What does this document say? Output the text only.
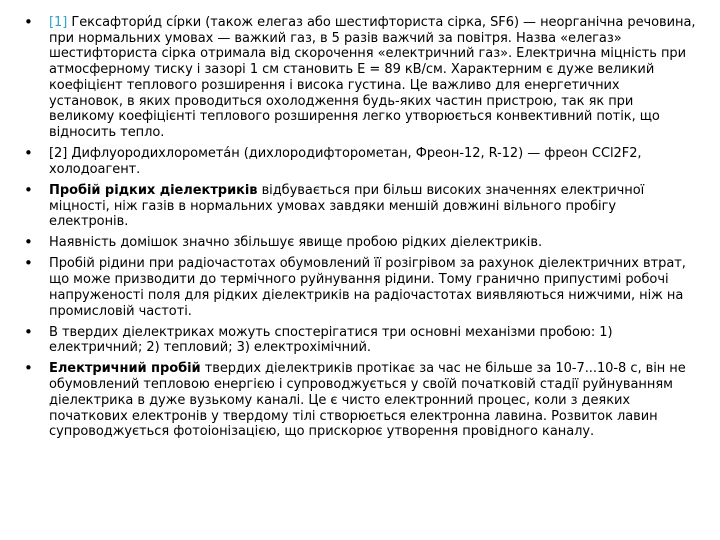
• [1] Гексафтори́д сі́рки (також елегаз або шестифториста сірка, SF6) — неорганічна речовина, при нормальних умовах — важкий газ, в 5 разів важчий за повітря. Назва «елегаз» шестифториста сірка отримала від скорочення «електричний газ». Електрична міцність при атмосферному тиску і зазорі 1 см становить Е = 89 кВ/см. Характерним є дуже великий коефіцієнт теплового розширення і висока густина. Це важливо для енергетичних установок, в яких проводиться охолодження будь-яких частин пристрою, так як при великому коефіцієнті теплового розширення легко утворюється конвективний потік, що відносить тепло.
• [2] Дифлуородихлорометáн (дихлородифторометан, Фреон-12, R-12) — фреон CCl2F2, холодоагент.
• Пробій рідких діелектриків відбувається при більш високих значеннях електричної міцності, ніж газів в нормальних умовах завдяки меншій довжині вільного пробігу електронів.
• Наявність домішок значно збільшує явище пробою рідких діелектриків.
• Пробій рідини при радіочастотах обумовлений її розігрівом за рахунок діелектричних втрат, що може призводити до термічного руйнування рідини. Тому гранично припустимі робочі напруженості поля для рідких діелектриків на радіочастотах виявляються нижчими, ніж на промисловій частоті.
• В твердих діелектриках можуть спостерігатися три основні механізми пробою: 1) електричний; 2) тепловий; 3) електрохімічний.
• Електричний пробій твердих діелектриків протікає за час не більше за 10-7...10-8 с, він не обумовлений тепловою енергією і супроводжується у своїй початковій стадії руйнуванням діелектрика в дуже вузькому каналі. Це є чисто електронний процес, коли з деяких початкових електронів у твердому тілі створюється електронна лавина. Розвиток лавин супроводжується фотоіонізацією, що прискорює утворення провідного каналу.
